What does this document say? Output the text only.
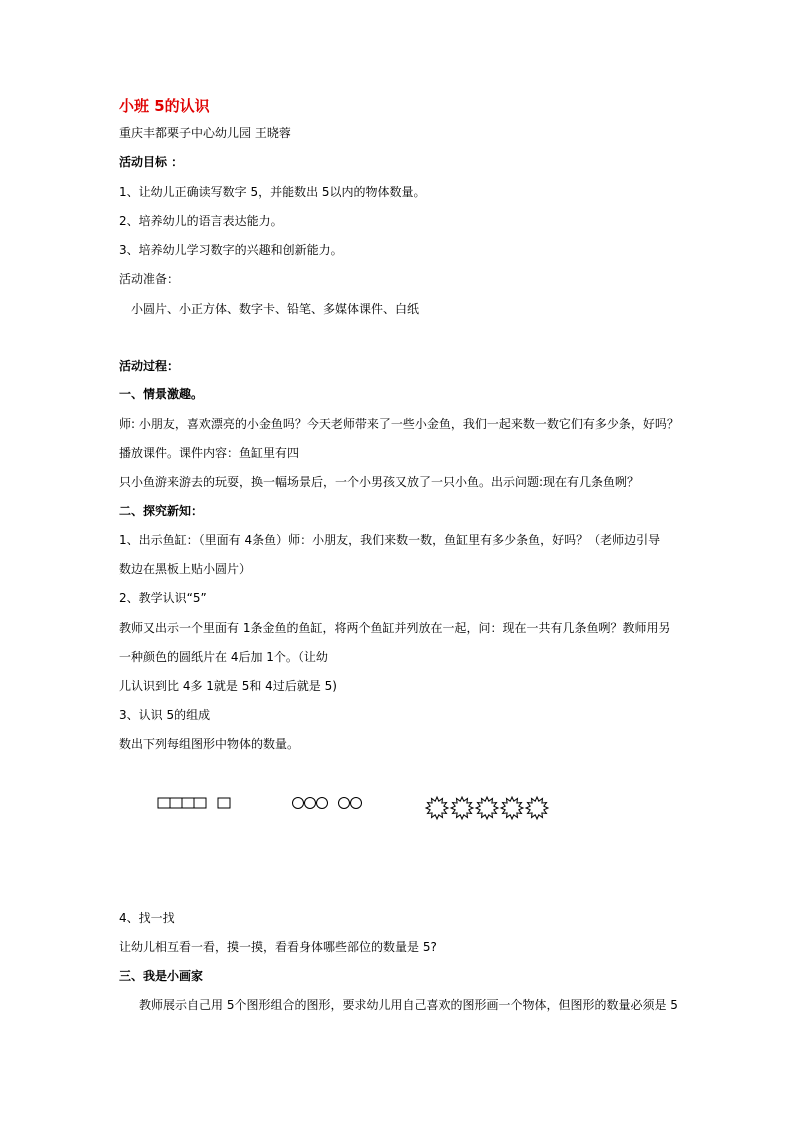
小班 5的认识
重庆丰都栗子中心幼儿园 王晓蓉
活动目标 ：
1、让幼儿正确读写数字 5，并能数出 5以内的物体数量。
2、培养幼儿的语言表达能力。
3、培养幼儿学习数字的兴趣和创新能力。
活动准备：
小圆片、小正方体、数字卡、铅笔、多媒体课件、白纸
活动过程：
一、情景激趣。
师: 小朋友，喜欢漂亮的小金鱼吗？今天老师带来了一些小金鱼，我们一起来数一数它们有多少条，好吗？
播放课件。课件内容：鱼缸里有四
只小鱼游来游去的玩耍，换一幅场景后，一个小男孩又放了一只小鱼。出示问题:现在有几条鱼咧？
二、探究新知：
1、出示鱼缸：（里面有 4条鱼）师：小朋友，我们来数一数，鱼缸里有多少条鱼，好吗？（老师边引导
数边在黑板上贴小圆片）
2、教学认识“5”
教师又出示一个里面有 1条金鱼的鱼缸，将两个鱼缸并列放在一起，问：现在一共有几条鱼咧？教师用另
一种颜色的圆纸片在 4后加 1个。（让幼
儿认识到比 4多 1就是 5和 4过后就是 5)
3、认识 5的组成
数出下列每组图形中物体的数量。
4、找一找
让幼儿相互看一看，摸一摸，看看身体哪些部位的数量是 5?
三、我是小画家
教师展示自己用 5个图形组合的图形，要求幼儿用自己喜欢的图形画一个物体，但图形的数量必须是 5
